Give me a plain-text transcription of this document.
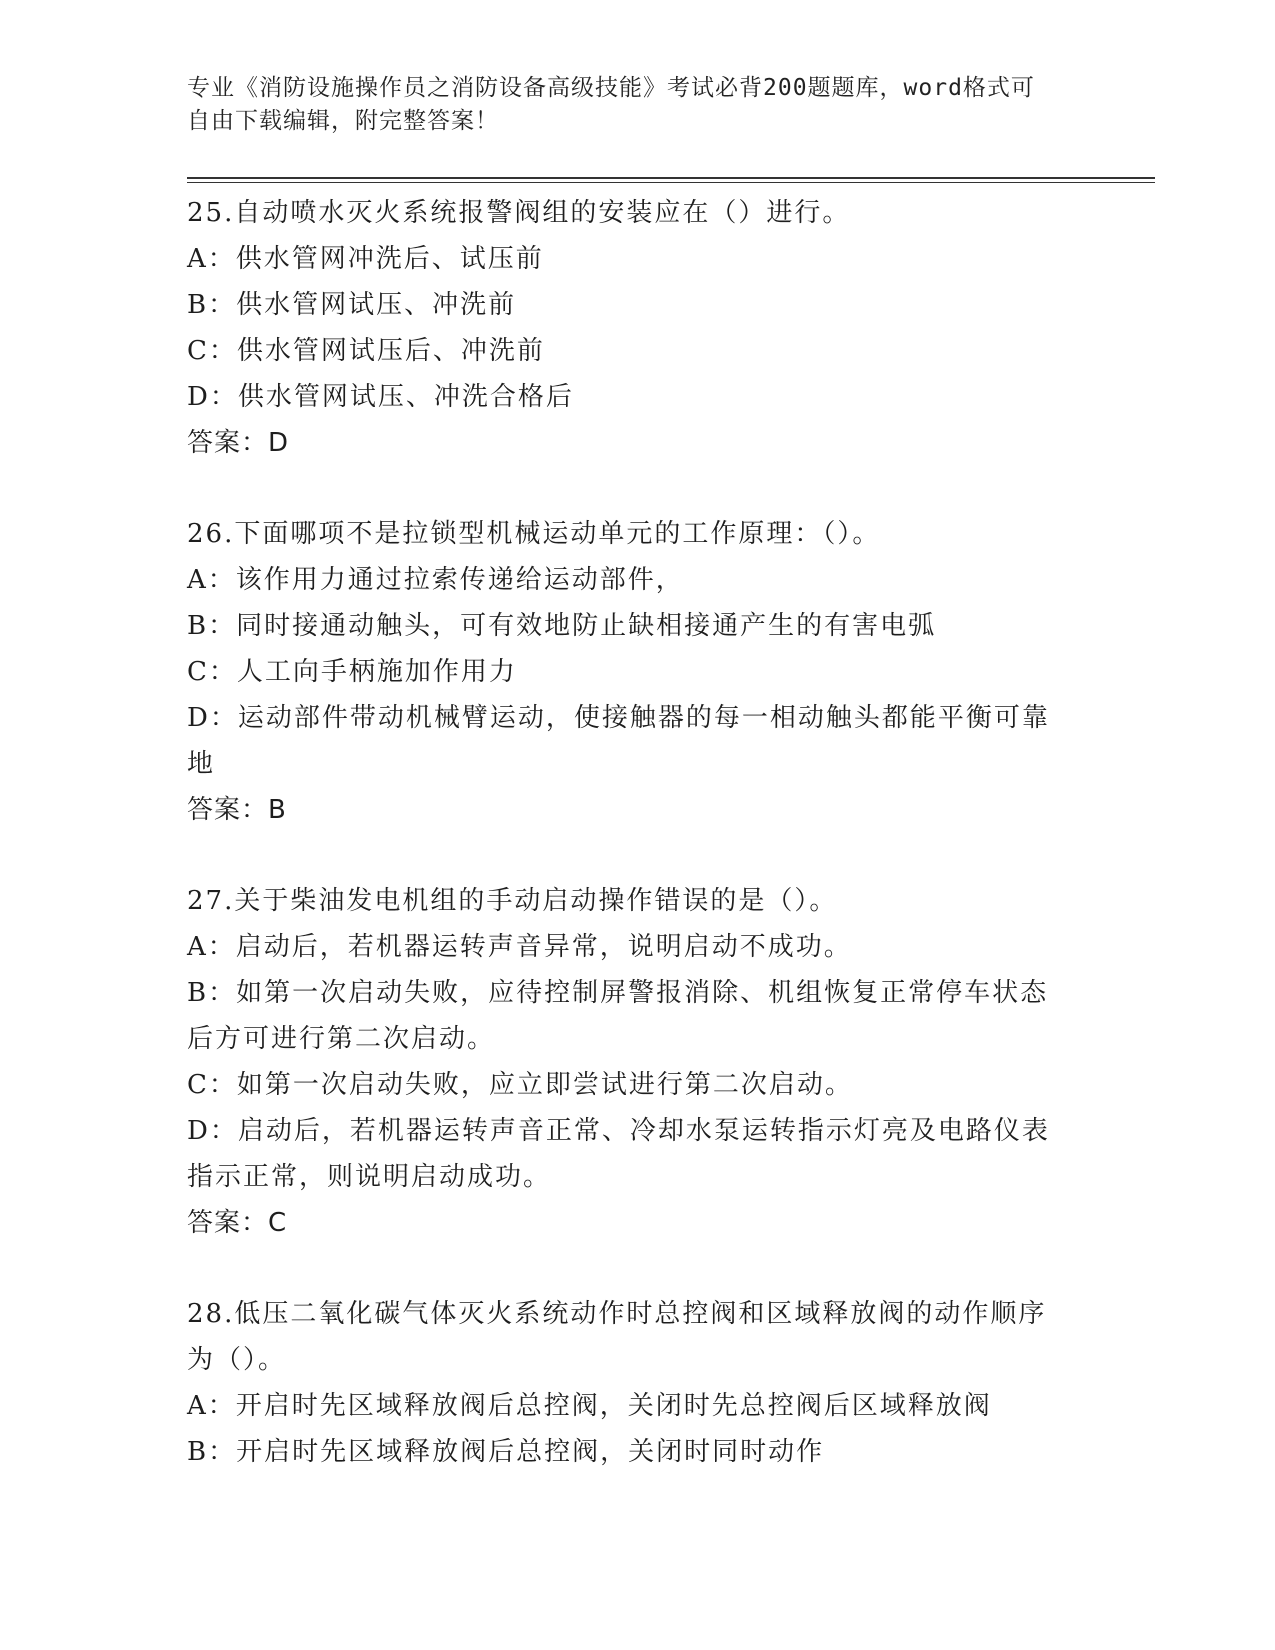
专业《消防设施操作员之消防设备高级技能》考试必背200题题库，word格式可
自由下载编辑，附完整答案！
25.自动喷水灭火系统报警阀组的安装应在（）进行。
A：供水管网冲洗后、试压前
B：供水管网试压、冲洗前
C：供水管网试压后、冲洗前
D：供水管网试压、冲洗合格后
答案：D
26.下面哪项不是拉锁型机械运动单元的工作原理：（）。
A：该作用力通过拉索传递给运动部件，
B：同时接通动触头，可有效地防止缺相接通产生的有害电弧
C：人工向手柄施加作用力
D：运动部件带动机械臂运动，使接触器的每一相动触头都能平衡可靠
地
答案：B
27.关于柴油发电机组的手动启动操作错误的是（）。
A：启动后，若机器运转声音异常，说明启动不成功。
B：如第一次启动失败，应待控制屏警报消除、机组恢复正常停车状态
后方可进行第二次启动。
C：如第一次启动失败，应立即尝试进行第二次启动。
D：启动后，若机器运转声音正常、冷却水泵运转指示灯亮及电路仪表
指示正常，则说明启动成功。
答案：C
28.低压二氧化碳气体灭火系统动作时总控阀和区域释放阀的动作顺序
为（）。
A：开启时先区域释放阀后总控阀，关闭时先总控阀后区域释放阀
B：开启时先区域释放阀后总控阀，关闭时同时动作
